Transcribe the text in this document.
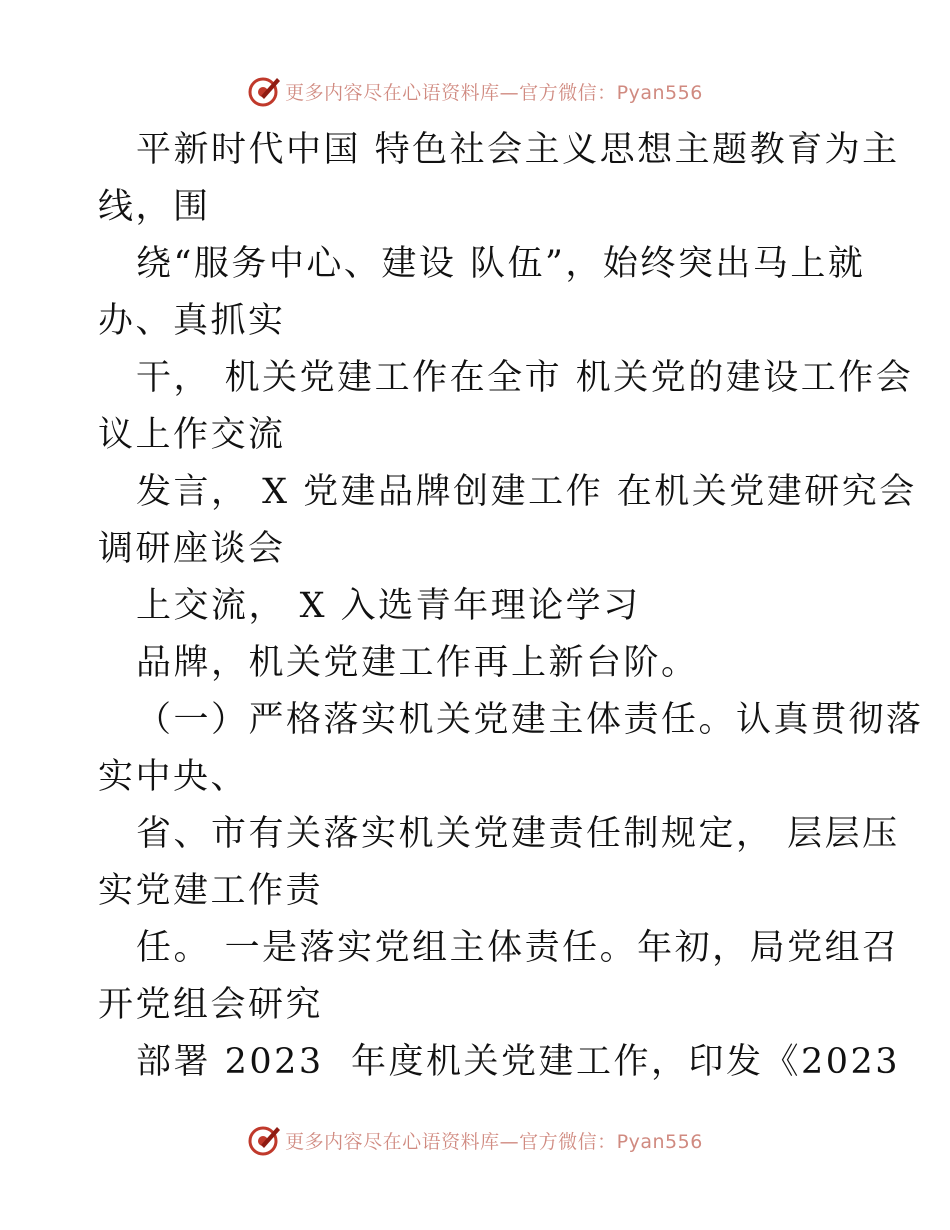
更多内容尽在心语资料库—官方微信：Pyan556
平新时代中国 特色社会主义思想主题教育为主
线，围
绕“服务中心、建设 队伍”，始终突出马上就
办、真抓实
干， 机关党建工作在全市 机关党的建设工作会
议上作交流
发言， X 党建品牌创建工作 在机关党建研究会
调研座谈会
上交流， X 入选青年理论学习
品牌，机关党建工作再上新台阶。
（一）严格落实机关党建主体责任。认真贯彻落
实中央、
省、市有关落实机关党建责任制规定， 层层压
实党建工作责
任。 一是落实党组主体责任。年初，局党组召
开党组会研究
部署 2023  年度机关党建工作，印发《2023
更多内容尽在心语资料库—官方微信：Pyan556
